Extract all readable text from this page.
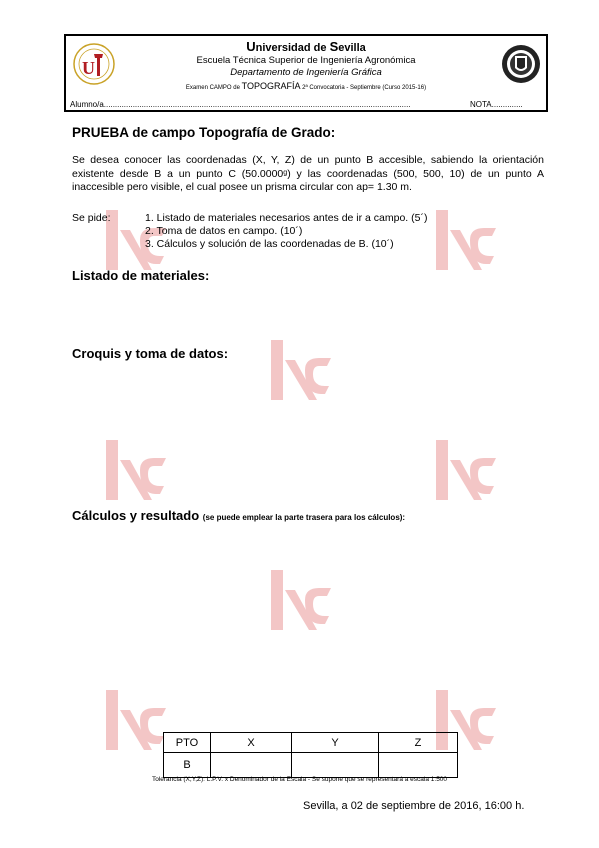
U
Universidad de Sevilla
Escuela Técnica Superior de Ingeniería Agronómica
Departamento de Ingeniería Gráfica
Examen CAMPO de TOPOGRAFÍA 2ª Convocatoria - Septiembre (Curso 2015-16)
Alumno/a..........................................................................................................................................	NOTA..............
PRUEBA de campo Topografía de Grado:
Se desea conocer las coordenadas (X, Y, Z) de un punto B accesible, sabiendo la orientación existente desde B a un punto C (50.0000ᵍ) y las coordenadas (500, 500, 10) de un punto A inaccesible pero visible, el cual posee un prisma circular con ap= 1.30 m.
Se pide:	1. Listado de materiales necesarios antes de ir a campo. (5´)
2. Toma de datos en campo. (10´)
3. Cálculos y solución de las coordenadas de B. (10´)
Listado de materiales:
Croquis y toma de datos:
Cálculos y resultado (se puede emplear la parte trasera para los cálculos):
PTO	X	Y	Z
B			
Tolerancia (X,Y,Z): L.P.V. x Denominador de la Escala - Se supone que se representará a escala 1:500
Sevilla, a 02 de septiembre de 2016, 16:00 h.
